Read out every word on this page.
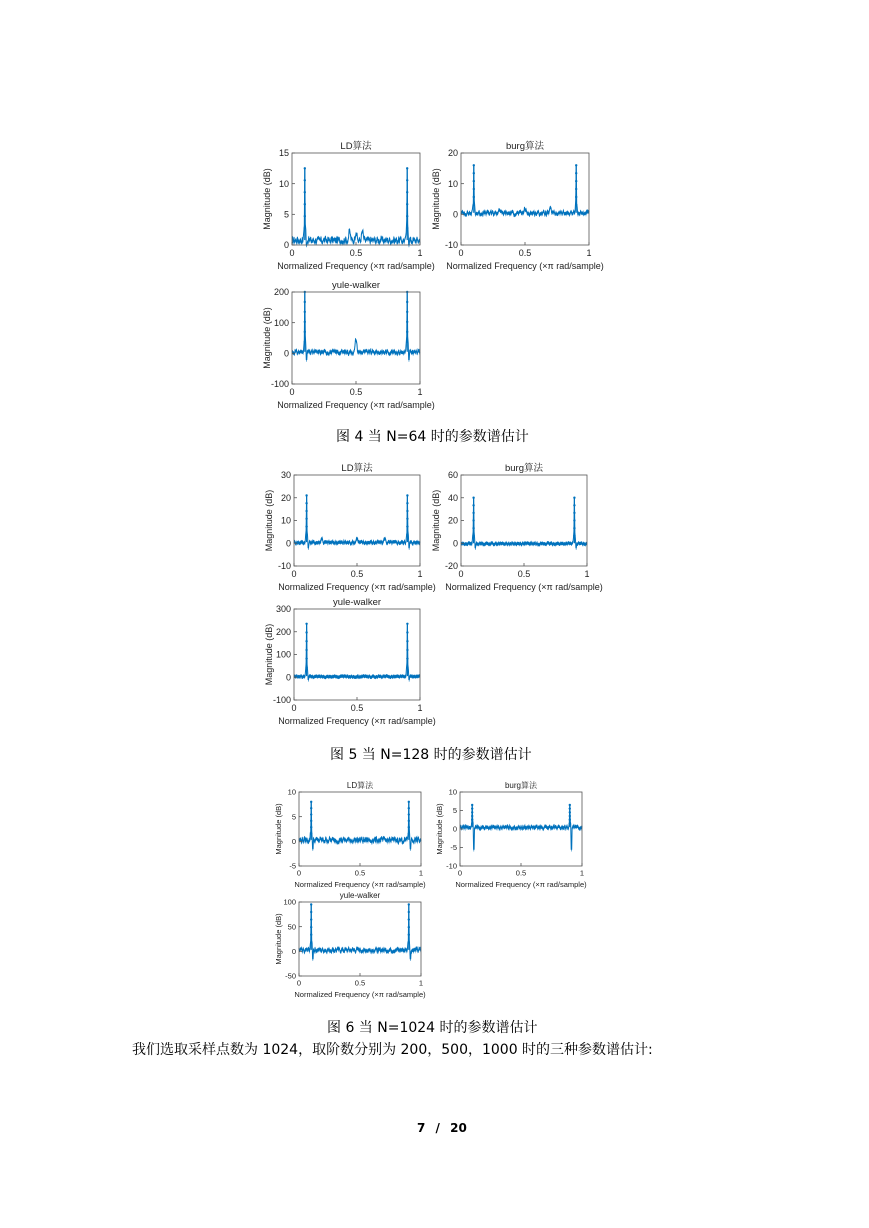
0
5
10
15
0	0.5	1
LD算法
Normalized Frequency (×π rad/sample)
Magnitude (dB)
-10
0
10
20
0	0.5	1
burg算法
Normalized Frequency (×π rad/sample)
Magnitude (dB)
-100
0
100
200
0	0.5	1
yule-walker
Normalized Frequency (×π rad/sample)
Magnitude (dB)
图 4 当 N=64 时的参数谱估计
-10
0
10
20
30
0	0.5	1
LD算法
Normalized Frequency (×π rad/sample)
Magnitude (dB)
-20
0
20
40
60
0	0.5	1
burg算法
Normalized Frequency (×π rad/sample)
Magnitude (dB)
-100
0
100
200
300
0	0.5	1
yule-walker
Normalized Frequency (×π rad/sample)
Magnitude (dB)
图 5 当 N=128 时的参数谱估计
-5
0
5
10
0	0.5	1
LD算法
Normalized Frequency (×π rad/sample)
Magnitude (dB)
-10
-5
0
5
10
0	0.5	1
burg算法
Normalized Frequency (×π rad/sample)
Magnitude (dB)
-50
0
50
100
0	0.5	1
yule-walker
Normalized Frequency (×π rad/sample)
Magnitude (dB)
图 6 当 N=1024 时的参数谱估计
我们选取采样点数为 1024，取阶数分别为 200，500，1000 时的三种参数谱估计:
7 / 20
